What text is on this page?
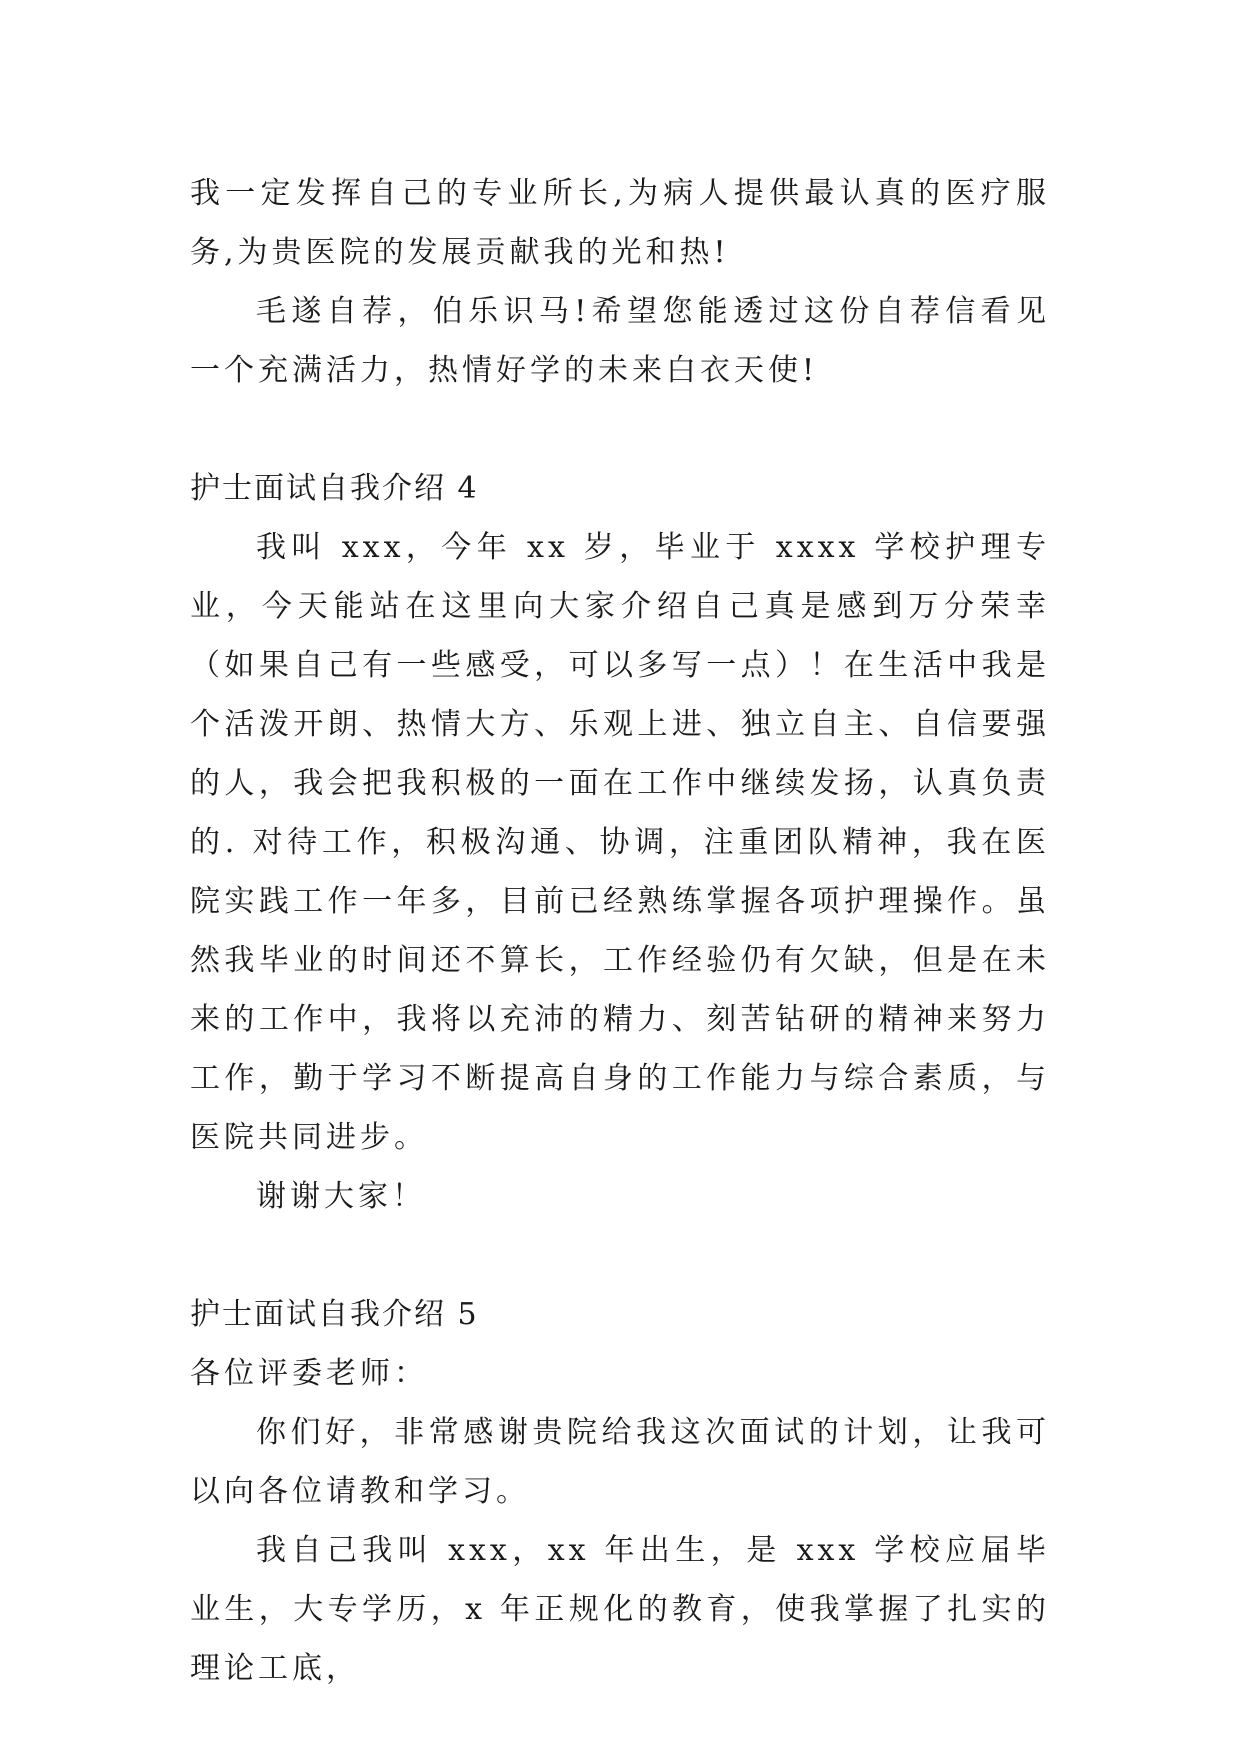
我一定发挥自己的专业所长,为病人提供最认真的医疗服务,为贵医院的发展贡献我的光和热!

毛遂自荐，伯乐识马!希望您能透过这份自荐信看见一个充满活力，热情好学的未来白衣天使!

护士面试自我介绍 4

我叫 xxx，今年 xx 岁，毕业于 xxxx 学校护理专业，今天能站在这里向大家介绍自己真是感到万分荣幸（如果自己有一些感受，可以多写一点）！在生活中我是个活泼开朗、热情大方、乐观上进、独立自主、自信要强的人，我会把我积极的一面在工作中继续发扬，认真负责的. 对待工作，积极沟通、协调，注重团队精神，我在医院实践工作一年多，目前已经熟练掌握各项护理操作。虽然我毕业的时间还不算长，工作经验仍有欠缺，但是在未来的工作中，我将以充沛的精力、刻苦钻研的精神来努力工作，勤于学习不断提高自身的工作能力与综合素质，与医院共同进步。

谢谢大家！

护士面试自我介绍 5

各位评委老师：

你们好，非常感谢贵院给我这次面试的计划，让我可以向各位请教和学习。

我自己我叫 xxx，xx 年出生，是 xxx 学校应届毕业生，大专学历，x 年正规化的教育，使我掌握了扎实的理论工底，
